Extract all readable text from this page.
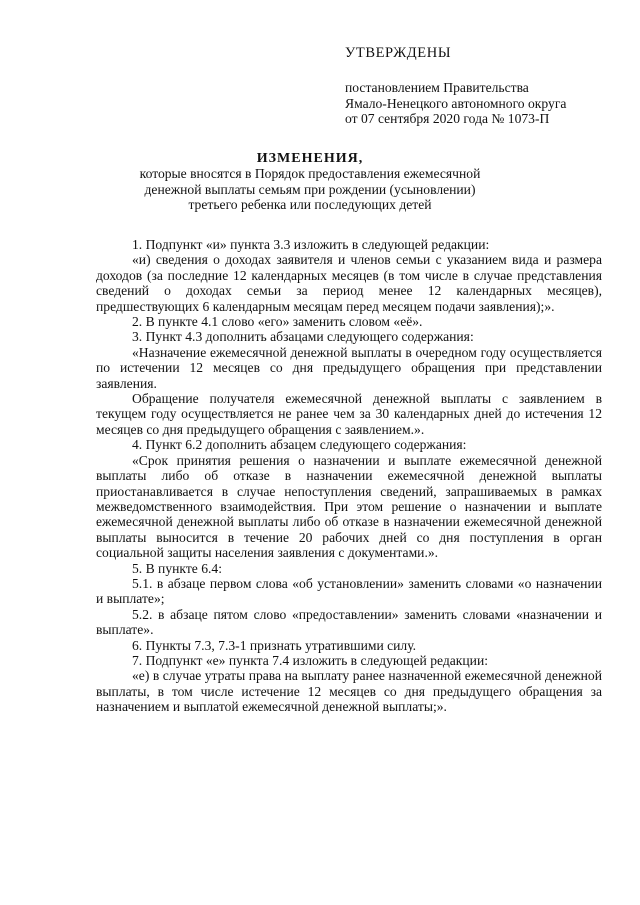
УТВЕРЖДЕНЫ

постановлением Правительства

Ямало-Ненецкого автономного округа

от 07 сентября 2020 года № 1073-П

ИЗМЕНЕНИЯ,

которые вносятся в Порядок предоставления ежемесячной

денежной выплаты семьям при рождении (усыновлении)

третьего ребенка или последующих детей

1. Подпункт «и» пункта 3.3 изложить в следующей редакции:

«и) сведения о доходах заявителя и членов семьи с указанием вида и размера доходов (за последние 12 календарных месяцев (в том числе в случае представления сведений о доходах семьи за период менее 12 календарных месяцев), предшествующих 6 календарным месяцам перед месяцем подачи заявления);».

2. В пункте 4.1 слово «его» заменить словом «её».

3. Пункт 4.3 дополнить абзацами следующего содержания:

«Назначение ежемесячной денежной выплаты в очередном году осуществляется по истечении 12 месяцев со дня предыдущего обращения при представлении заявления.

Обращение получателя ежемесячной денежной выплаты с заявлением в текущем году осуществляется не ранее чем за 30 календарных дней до истечения 12 месяцев со дня предыдущего обращения с заявлением.».

4. Пункт 6.2 дополнить абзацем следующего содержания:

«Срок принятия решения о назначении и выплате ежемесячной денежной выплаты либо об отказе в назначении ежемесячной денежной выплаты приостанавливается в случае непоступления сведений, запрашиваемых в рамках межведомственного взаимодействия. При этом решение о назначении и выплате ежемесячной денежной выплаты либо об отказе в назначении ежемесячной денежной выплаты выносится в течение 20 рабочих дней со дня поступления в орган социальной защиты населения заявления с документами.».

5. В пункте 6.4:

5.1. в абзаце первом слова «об установлении» заменить словами «о назначении и выплате»;

5.2. в абзаце пятом слово «предоставлении» заменить словами «назначении и выплате».

6. Пункты 7.3, 7.3-1 признать утратившими силу.

7. Подпункт «е» пункта 7.4 изложить в следующей редакции:

«е) в случае утраты права на выплату ранее назначенной ежемесячной денежной выплаты, в том числе истечение 12 месяцев со дня предыдущего обращения за назначением и выплатой ежемесячной денежной выплаты;».
